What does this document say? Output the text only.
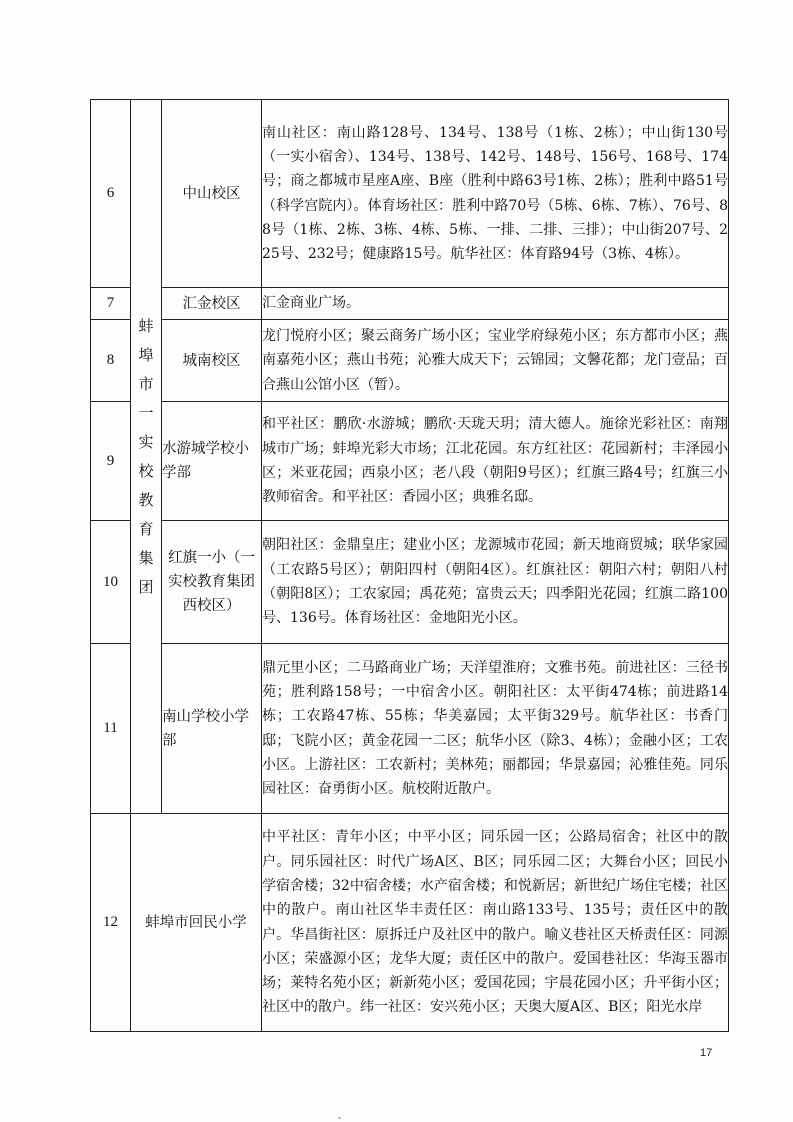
6	蚌埠市一实校教育集团	中山校区	南山社区：南山路128号、134号、138号（1栋、2栋）；中山街130号（一实小宿舍）、134号、138号、142号、148号、156号、168号、174号；商之都城市星座A座、B座（胜利中路63号1栋、2栋）；胜利中路51号（科学宫院内）。体育场社区：胜利中路70号（5栋、6栋、7栋）、76号、88号（1栋、2栋、3栋、4栋、5栋、一排、二排、三排）；中山街207号、225号、232号；健康路15号。航华社区：体育路94号（3栋、4栋）。
7		汇金校区	汇金商业广场。
8		城南校区	龙门悦府小区；聚云商务广场小区；宝业学府绿苑小区；东方都市小区；燕南嘉苑小区；燕山书苑；沁雅大成天下；云锦园；文馨花都；龙门壹品；百合燕山公馆小区（暂）。
9		水游城学校小学部	和平社区：鹏欣·水游城；鹏欣·天珑天玥；清大德人。施徐光彩社区：南翔城市广场；蚌埠光彩大市场；江北花园。东方红社区：花园新村；丰泽园小区；米亚花园；西泉小区；老八段（朝阳9号区）；红旗三路4号；红旗三小教师宿舍。和平社区：香园小区；典雅名邸。
10		红旗一小（一实校教育集团西校区）	朝阳社区：金鼎皇庄；建业小区；龙源城市花园；新天地商贸城；联华家园（工农路5号区）；朝阳四村（朝阳4区）。红旗社区：朝阳六村；朝阳八村（朝阳8区）；工农家园；禹花苑；富贵云天；四季阳光花园；红旗二路100号、136号。体育场社区：金地阳光小区。
11		南山学校小学部	鼎元里小区；二马路商业广场；天洋望淮府；文雅书苑。前进社区：三径书苑；胜利路158号；一中宿舍小区。朝阳社区：太平街474栋；前进路14栋；工农路47栋、55栋；华美嘉园；太平街329号。航华社区：书香门邸；飞院小区；黄金花园一二区；航华小区（除3、4栋）；金融小区；工农小区。上游社区：工农新村；美林苑；丽都园；华景嘉园；沁雅佳苑。同乐园社区：奋勇街小区。航校附近散户。
12	蚌埠市回民小学		中平社区：青年小区；中平小区；同乐园一区；公路局宿舍；社区中的散户。同乐园社区：时代广场A区、B区；同乐园二区；大舞台小区；回民小学宿舍楼；32中宿舍楼；水产宿舍楼；和悦新居；新世纪广场住宅楼；社区中的散户。南山社区华丰责任区：南山路133号、135号；责任区中的散户。华昌街社区：原拆迁户及社区中的散户。喻义巷社区天桥责任区：同源小区；荣盛源小区；龙华大厦；责任区中的散户。爱国巷社区：华海玉器市场；莱特名苑小区；新新苑小区；爱国花园；宇晨花园小区；升平街小区；社区中的散户。纬一社区：安兴苑小区；天奥大厦A区、B区；阳光水岸
17
